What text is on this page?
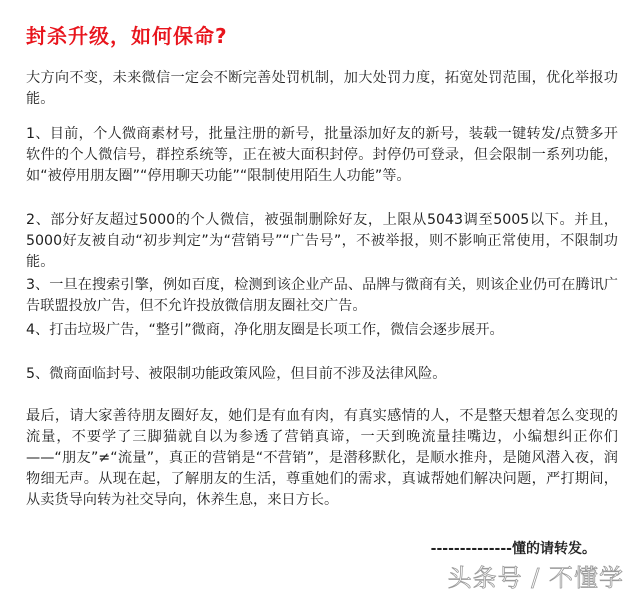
封杀升级，如何保命?

大方向不变，未来微信一定会不断完善处罚机制，加大处罚力度，拓宽处罚范围，优化举报功能。

1、目前，个人微商素材号，批量注册的新号，批量添加好友的新号，装载一键转发/点赞多开软件的个人微信号，群控系统等，正在被大面积封停。封停仍可登录，但会限制一系列功能，如“被停用朋友圈”“停用聊天功能”“限制使用陌生人功能”等。

2、部分好友超过5000的个人微信，被强制删除好友，上限从5043调至5005以下。并且，5000好友被自动“初步判定”为“营销号”“广告号”，不被举报，则不影响正常使用，不限制功能。

3、一旦在搜索引擎，例如百度，检测到该企业产品、品牌与微商有关，则该企业仍可在腾讯广告联盟投放广告，但不允许投放微信朋友圈社交广告。

4、打击垃圾广告，“整引”微商，净化朋友圈是长项工作，微信会逐步展开。

5、微商面临封号、被限制功能政策风险，但目前不涉及法律风险。

最后，请大家善待朋友圈好友，她们是有血有肉，有真实感情的人，不是整天想着怎么变现的流量，不要学了三脚猫就自以为参透了营销真谛，一天到晚流量挂嘴边，小编想纠正你们——“朋友”≠“流量”，真正的营销是“不营销”，是潜移默化，是顺水推舟，是随风潜入夜，润物细无声。从现在起，了解朋友的生活，尊重她们的需求，真诚帮她们解决问题，严打期间，从卖货导向转为社交导向，休养生息，来日方长。

--------------懂的请转发。
头条号 / 不懂学
